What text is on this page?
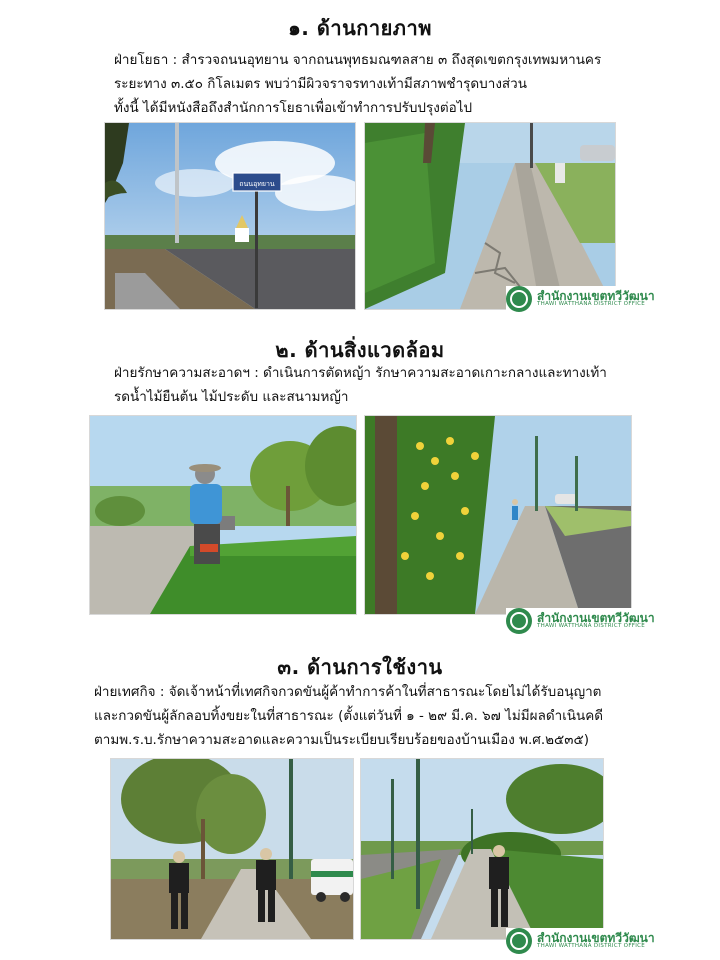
๑. ด้านกายภาพ
ฝ่ายโยธา : สำรวจถนนอุทยาน จากถนนพุทธมณฑลสาย ๓ ถึงสุดเขตกรุงเทพมหานคร
ระยะทาง ๓.๕๐ กิโลเมตร พบว่ามีผิวจราจรทางเท้ามีสภาพชำรุดบางส่วน
ทั้งนี้ ได้มีหนังสือถึงสำนักการโยธาเพื่อเข้าทำการปรับปรุงต่อไป
ถนนอุทยาน
สำนักงานเขตทวีวัฒนา
THAWI WATTHANA DISTRICT OFFICE
๒. ด้านสิ่งแวดล้อม
ฝ่ายรักษาความสะอาดฯ : ดำเนินการตัดหญ้า รักษาความสะอาดเกาะกลางและทางเท้า
รดน้ำไม้ยืนต้น ไม้ประดับ และสนามหญ้า
สำนักงานเขตทวีวัฒนา
THAWI WATTHANA DISTRICT OFFICE
๓. ด้านการใช้งาน
ฝ่ายเทศกิจ : จัดเจ้าหน้าที่เทศกิจกวดขันผู้ค้าทำการค้าในที่สาธารณะโดยไม่ได้รับอนุญาต
และกวดขันผู้ลักลอบทิ้งขยะในที่สาธารณะ (ตั้งแต่วันที่ ๑ - ๒๙ มี.ค. ๖๗ ไม่มีผลดำเนินคดี
ตามพ.ร.บ.รักษาความสะอาดและความเป็นระเบียบเรียบร้อยของบ้านเมือง พ.ศ.๒๕๓๕)
สำนักงานเขตทวีวัฒนา
THAWI WATTHANA DISTRICT OFFICE
